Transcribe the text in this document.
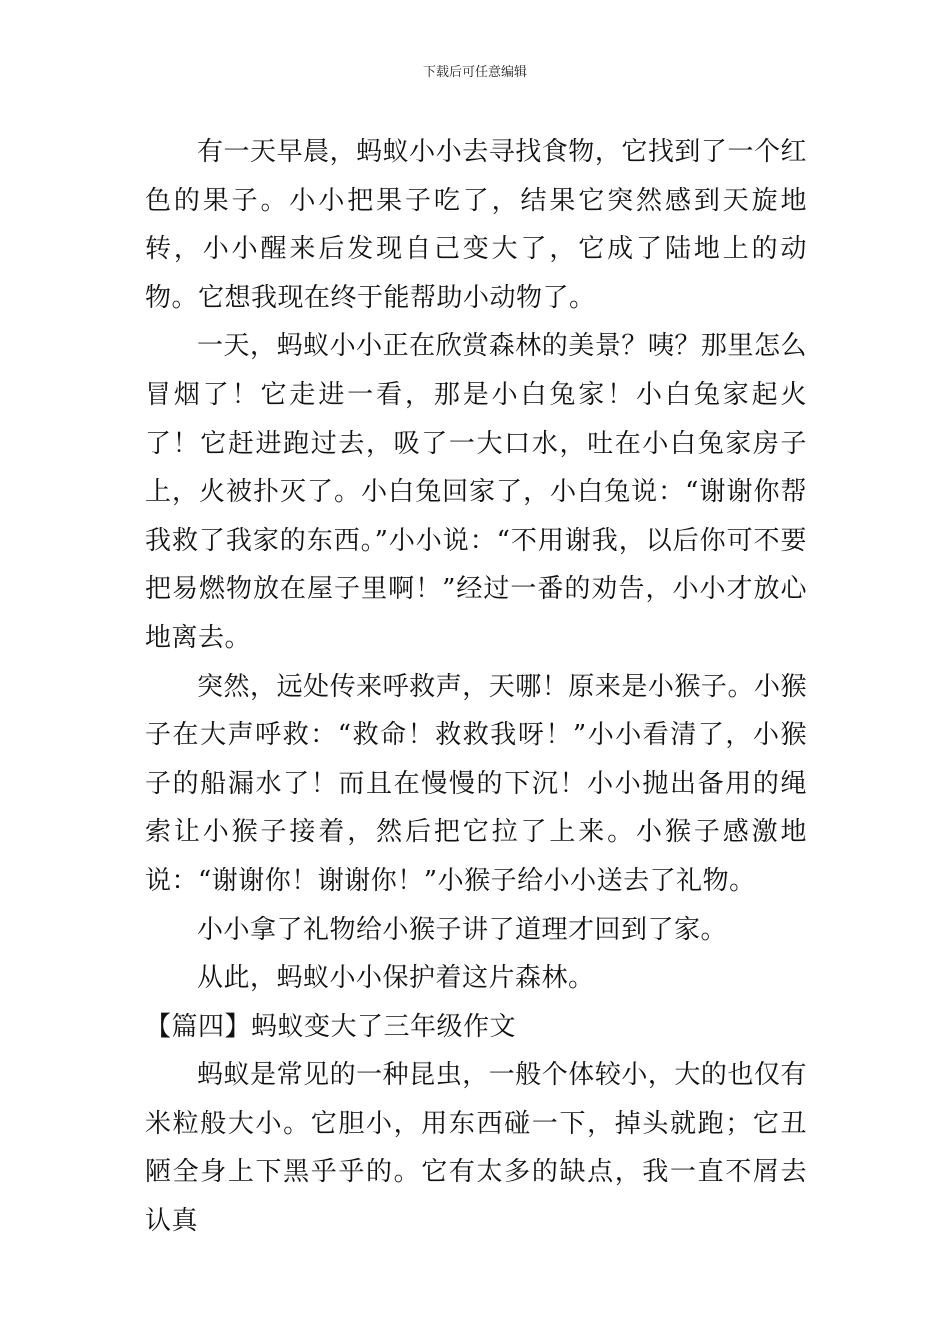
下载后可任意编辑

有一天早晨，蚂蚁小小去寻找食物，它找到了一个红色的果子。小小把果子吃了，结果它突然感到天旋地转，小小醒来后发现自己变大了，它成了陆地上的动物。它想我现在终于能帮助小动物了。

一天，蚂蚁小小正在欣赏森林的美景？咦？那里怎么冒烟了！它走进一看，那是小白兔家！小白兔家起火了！它赶进跑过去，吸了一大口水，吐在小白兔家房子上，火被扑灭了。小白兔回家了，小白兔说：“谢谢你帮我救了我家的东西。”小小说：“不用谢我，以后你可不要把易燃物放在屋子里啊！”经过一番的劝告，小小才放心地离去。

突然，远处传来呼救声，天哪！原来是小猴子。小猴子在大声呼救：“救命！救救我呀！”小小看清了，小猴子的船漏水了！而且在慢慢的下沉！小小抛出备用的绳索让小猴子接着，然后把它拉了上来。小猴子感激地说：“谢谢你！谢谢你！”小猴子给小小送去了礼物。

小小拿了礼物给小猴子讲了道理才回到了家。

从此，蚂蚁小小保护着这片森林。

【篇四】蚂蚁变大了三年级作文

蚂蚁是常见的一种昆虫，一般个体较小，大的也仅有米粒般大小。它胆小，用东西碰一下，掉头就跑；它丑陋全身上下黑乎乎的。它有太多的缺点，我一直不屑去认真
